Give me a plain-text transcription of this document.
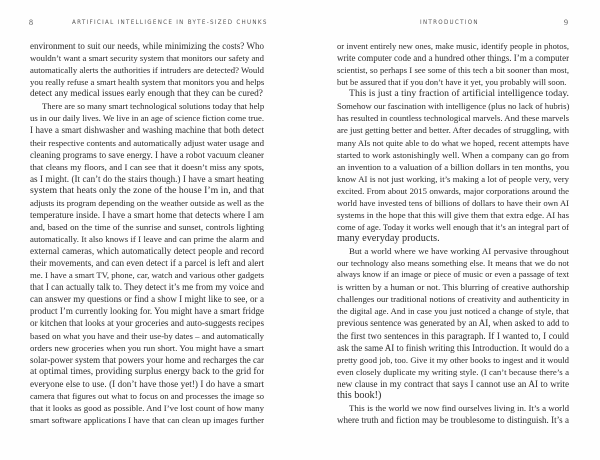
8	ARTIFICIAL INTELLIGENCE IN BYTE-SIZED CHUNKS
environment to suit our needs, while minimizing the costs? Who
wouldn’t want a smart security system that monitors our safety and
automatically alerts the authorities if intruders are detected? Would
you really refuse a smart health system that monitors you and helps
detect any medical issues early enough that they can be cured?
There are so many smart technological solutions today that help
us in our daily lives. We live in an age of science fiction come true.
I have a smart dishwasher and washing machine that both detect
their respective contents and automatically adjust water usage and
cleaning programs to save energy. I have a robot vacuum cleaner
that cleans my floors, and I can see that it doesn’t miss any spots,
as I might. (It can’t do the stairs though.) I have a smart heating
system that heats only the zone of the house I’m in, and that
adjusts its program depending on the weather outside as well as the
temperature inside. I have a smart home that detects where I am
and, based on the time of the sunrise and sunset, controls lighting
automatically. It also knows if I leave and can prime the alarm and
external cameras, which automatically detect people and record
their movements, and can even detect if a parcel is left and alert
me. I have a smart TV, phone, car, watch and various other gadgets
that I can actually talk to. They detect it’s me from my voice and
can answer my questions or find a show I might like to see, or a
product I’m currently looking for. You might have a smart fridge
or kitchen that looks at your groceries and auto-suggests recipes
based on what you have and their use-by dates – and automatically
orders new groceries when you run short. You might have a smart
solar-power system that powers your home and recharges the car
at optimal times, providing surplus energy back to the grid for
everyone else to use. (I don’t have those yet!) I do have a smart
camera that figures out what to focus on and processes the image so
that it looks as good as possible. And I’ve lost count of how many
smart software applications I have that can clean up images further
INTRODUCTION	9
or invent entirely new ones, make music, identify people in photos,
write computer code and a hundred other things. I’m a computer
scientist, so perhaps I see some of this tech a bit sooner than most,
but be assured that if you don’t have it yet, you probably will soon.
This is just a tiny fraction of artificial intelligence today.
Somehow our fascination with intelligence (plus no lack of hubris)
has resulted in countless technological marvels. And these marvels
are just getting better and better. After decades of struggling, with
many AIs not quite able to do what we hoped, recent attempts have
started to work astonishingly well. When a company can go from
an invention to a valuation of a billion dollars in ten months, you
know AI is not just working, it’s making a lot of people very, very
excited. From about 2015 onwards, major corporations around the
world have invested tens of billions of dollars to have their own AI
systems in the hope that this will give them that extra edge. AI has
come of age. Today it works well enough that it’s an integral part of
many everyday products.
But a world where we have working AI pervasive throughout
our technology also means something else. It means that we do not
always know if an image or piece of music or even a passage of text
is written by a human or not. This blurring of creative authorship
challenges our traditional notions of creativity and authenticity in
the digital age. And in case you just noticed a change of style, that
previous sentence was generated by an AI, when asked to add to
the first two sentences in this paragraph. If I wanted to, I could
ask the same AI to finish writing this Introduction. It would do a
pretty good job, too. Give it my other books to ingest and it would
even closely duplicate my writing style. (I can’t because there’s a
new clause in my contract that says I cannot use an AI to write
this book!)
This is the world we now find ourselves living in. It’s a world
where truth and fiction may be troublesome to distinguish. It’s a
